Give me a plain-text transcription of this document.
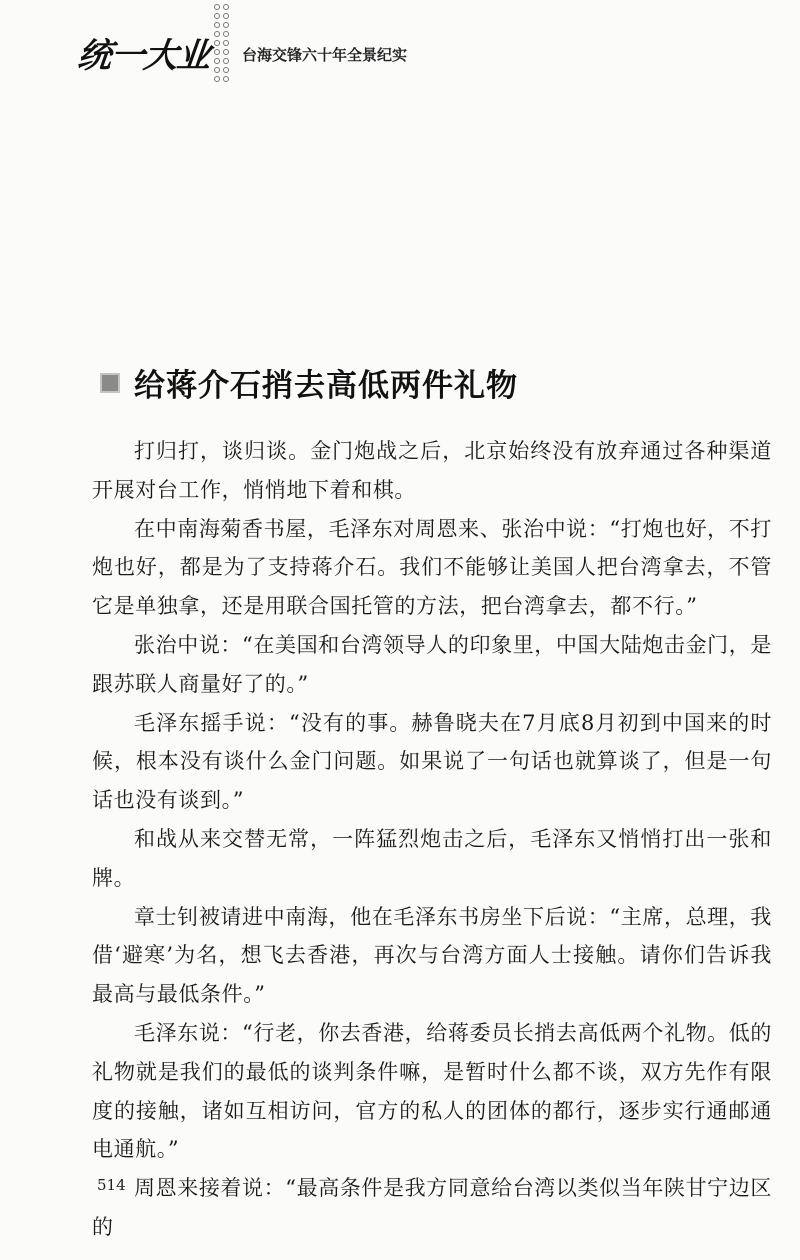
统一大业 台海交锋六十年全景纪实
给蒋介石捎去高低两件礼物

打归打，谈归谈。金门炮战之后，北京始终没有放弃通过各种渠道开展对台工作，悄悄地下着和棋。

在中南海菊香书屋，毛泽东对周恩来、张治中说：“打炮也好，不打炮也好，都是为了支持蒋介石。我们不能够让美国人把台湾拿去，不管它是单独拿，还是用联合国托管的方法，把台湾拿去，都不行。”

张治中说：“在美国和台湾领导人的印象里，中国大陆炮击金门，是跟苏联人商量好了的。”

毛泽东摇手说：“没有的事。赫鲁晓夫在7月底8月初到中国来的时候，根本没有谈什么金门问题。如果说了一句话也就算谈了，但是一句话也没有谈到。”

和战从来交替无常，一阵猛烈炮击之后，毛泽东又悄悄打出一张和牌。

章士钊被请进中南海，他在毛泽东书房坐下后说：“主席，总理，我借‘避寒’为名，想飞去香港，再次与台湾方面人士接触。请你们告诉我最高与最低条件。”

毛泽东说：“行老，你去香港，给蒋委员长捎去高低两个礼物。低的礼物就是我们的最低的谈判条件嘛，是暂时什么都不谈，双方先作有限度的接触，诸如互相访问，官方的私人的团体的都行，逐步实行通邮通电通航。”

周恩来接着说：“最高条件是我方同意给台湾以类似当年陕甘宁边区的

514
